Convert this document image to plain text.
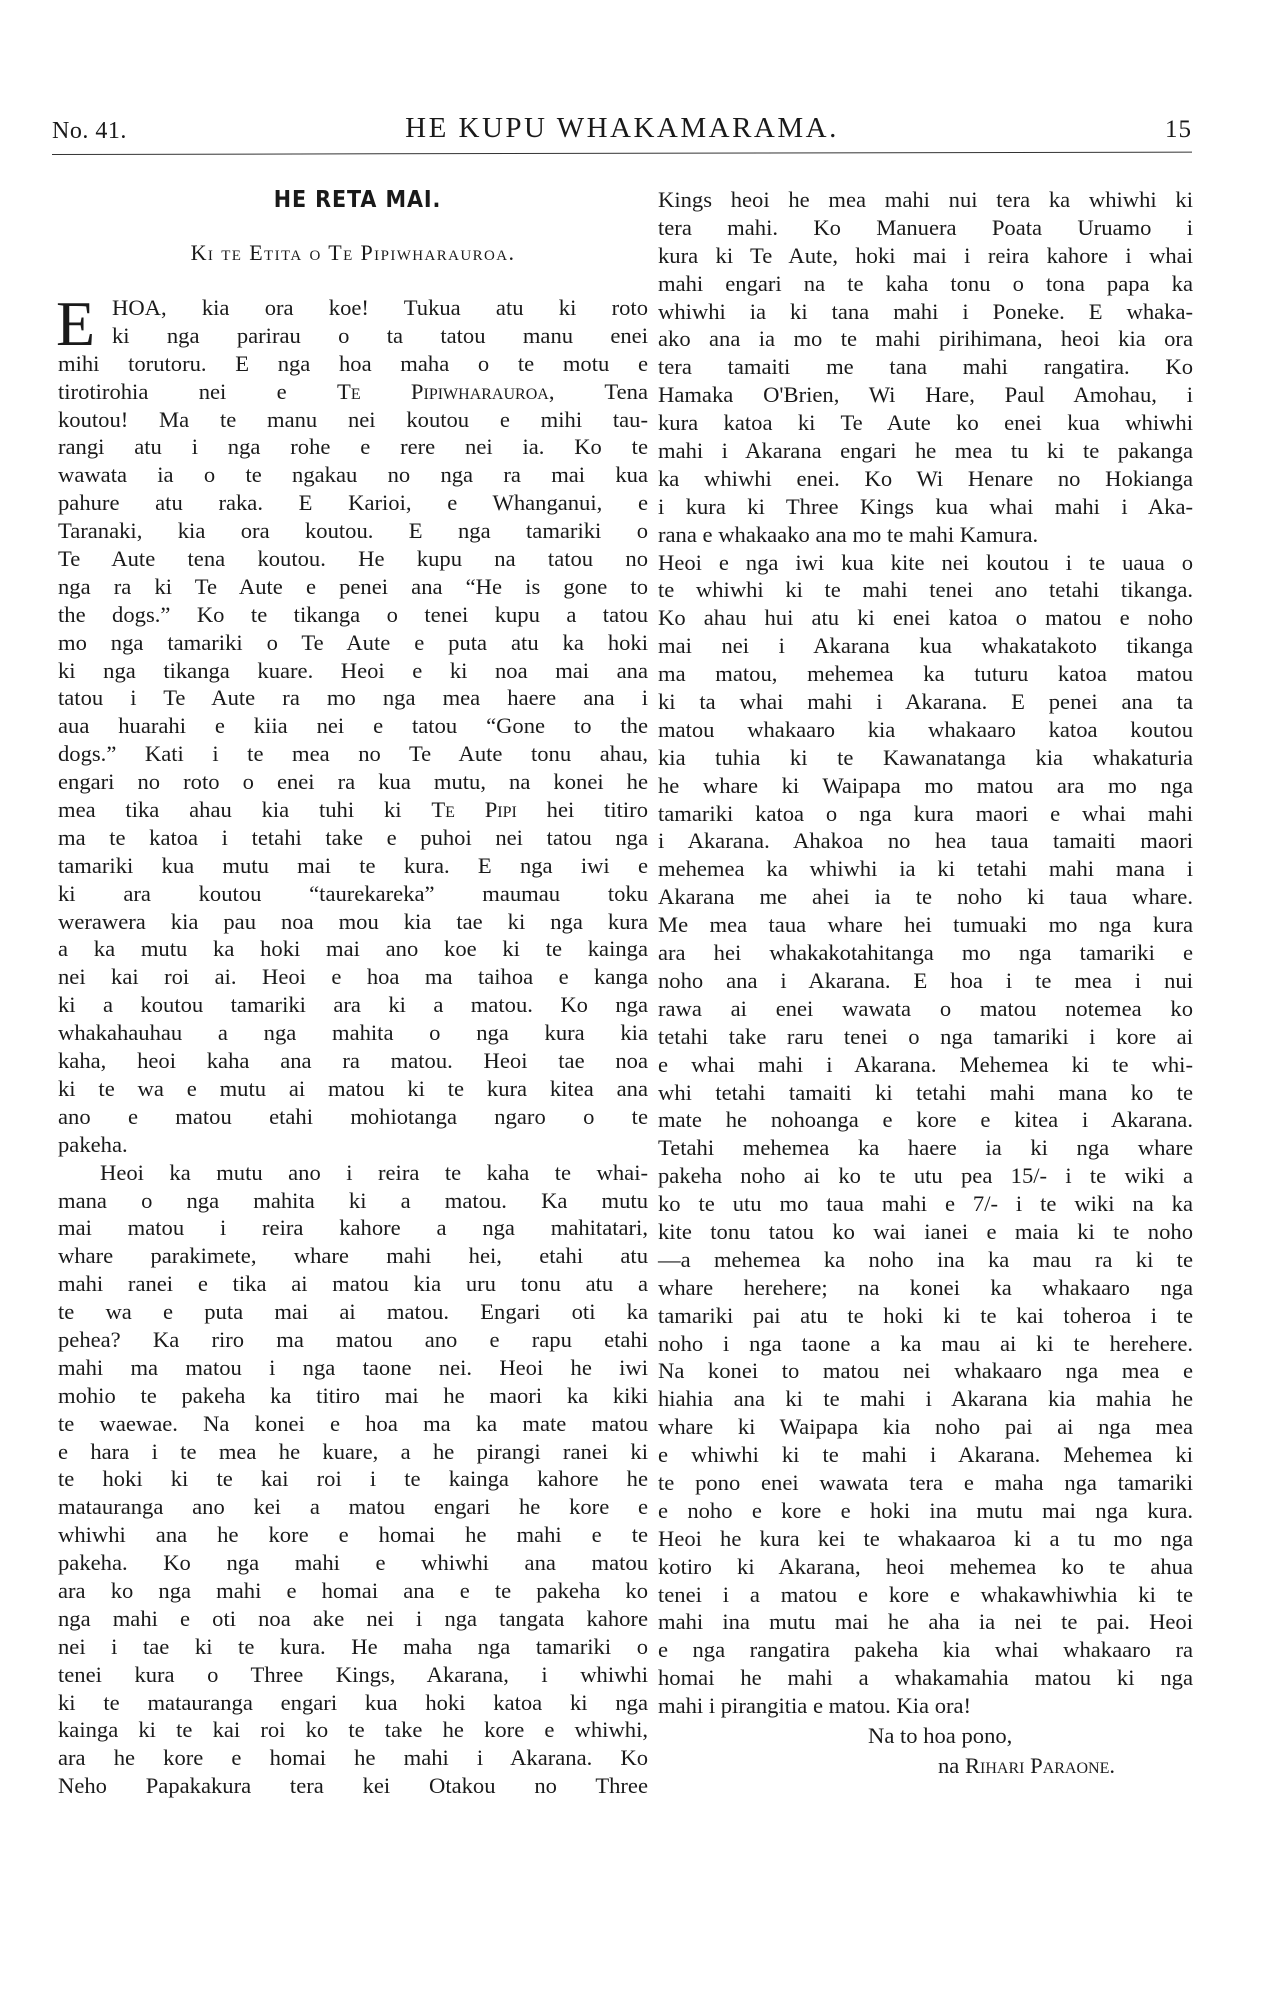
No. 41.	HE KUPU WHAKAMARAMA.	15
HE RETA MAI.
Ki te Etita o Te Pipiwharauroa.
E HOA, kia ora koe! Tukua atu ki roto
ki nga parirau o ta tatou manu enei
mihi torutoru. E nga hoa maha o te motu e
tirotirohia nei e Te Pipiwharauroa, Tena
koutou! Ma te manu nei koutou e mihi tau-
rangi atu i nga rohe e rere nei ia. Ko te
wawata ia o te ngakau no nga ra mai kua
pahure atu raka. E Karioi, e Whanganui, e
Taranaki, kia ora koutou. E nga tamariki o
Te Aute tena koutou. He kupu na tatou no
nga ra ki Te Aute e penei ana “He is gone to
the dogs.” Ko te tikanga o tenei kupu a tatou
mo nga tamariki o Te Aute e puta atu ka hoki
ki nga tikanga kuare. Heoi e ki noa mai ana
tatou i Te Aute ra mo nga mea haere ana i
aua huarahi e kiia nei e tatou “Gone to the
dogs.” Kati i te mea no Te Aute tonu ahau,
engari no roto o enei ra kua mutu, na konei he
mea tika ahau kia tuhi ki Te Pipi hei titiro
ma te katoa i tetahi take e puhoi nei tatou nga
tamariki kua mutu mai te kura. E nga iwi e
ki ara koutou “taurekareka” maumau toku
werawera kia pau noa mou kia tae ki nga kura
a ka mutu ka hoki mai ano koe ki te kainga
nei kai roi ai. Heoi e hoa ma taihoa e kanga
ki a koutou tamariki ara ki a matou. Ko nga
whakahauhau a nga mahita o nga kura kia
kaha, heoi kaha ana ra matou. Heoi tae noa
ki te wa e mutu ai matou ki te kura kitea ana
ano e matou etahi mohiotanga ngaro o te
pakeha.
Heoi ka mutu ano i reira te kaha te whai-
mana o nga mahita ki a matou. Ka mutu
mai matou i reira kahore a nga mahitatari,
whare parakimete, whare mahi hei, etahi atu
mahi ranei e tika ai matou kia uru tonu atu a
te wa e puta mai ai matou. Engari oti ka
pehea? Ka riro ma matou ano e rapu etahi
mahi ma matou i nga taone nei. Heoi he iwi
mohio te pakeha ka titiro mai he maori ka kiki
te waewae. Na konei e hoa ma ka mate matou
e hara i te mea he kuare, a he pirangi ranei ki
te hoki ki te kai roi i te kainga kahore he
matauranga ano kei a matou engari he kore e
whiwhi ana he kore e homai he mahi e te
pakeha. Ko nga mahi e whiwhi ana matou
ara ko nga mahi e homai ana e te pakeha ko
nga mahi e oti noa ake nei i nga tangata kahore
nei i tae ki te kura. He maha nga tamariki o
tenei kura o Three Kings, Akarana, i whiwhi
ki te matauranga engari kua hoki katoa ki nga
kainga ki te kai roi ko te take he kore e whiwhi,
ara he kore e homai he mahi i Akarana. Ko
Neho Papakakura tera kei Otakou no Three
Kings heoi he mea mahi nui tera ka whiwhi ki
tera mahi. Ko Manuera Poata Uruamo i
kura ki Te Aute, hoki mai i reira kahore i whai
mahi engari na te kaha tonu o tona papa ka
whiwhi ia ki tana mahi i Poneke. E whaka-
ako ana ia mo te mahi pirihimana, heoi kia ora
tera tamaiti me tana mahi rangatira. Ko
Hamaka O'Brien, Wi Hare, Paul Amohau, i
kura katoa ki Te Aute ko enei kua whiwhi
mahi i Akarana engari he mea tu ki te pakanga
ka whiwhi enei. Ko Wi Henare no Hokianga
i kura ki Three Kings kua whai mahi i Aka-
rana e whakaako ana mo te mahi Kamura.
Heoi e nga iwi kua kite nei koutou i te uaua o
te whiwhi ki te mahi tenei ano tetahi tikanga.
Ko ahau hui atu ki enei katoa o matou e noho
mai nei i Akarana kua whakatakoto tikanga
ma matou, mehemea ka tuturu katoa matou
ki ta whai mahi i Akarana. E penei ana ta
matou whakaaro kia whakaaro katoa koutou
kia tuhia ki te Kawanatanga kia whakaturia
he whare ki Waipapa mo matou ara mo nga
tamariki katoa o nga kura maori e whai mahi
i Akarana. Ahakoa no hea taua tamaiti maori
mehemea ka whiwhi ia ki tetahi mahi mana i
Akarana me ahei ia te noho ki taua whare.
Me mea taua whare hei tumuaki mo nga kura
ara hei whakakotahitanga mo nga tamariki e
noho ana i Akarana. E hoa i te mea i nui
rawa ai enei wawata o matou notemea ko
tetahi take raru tenei o nga tamariki i kore ai
e whai mahi i Akarana. Mehemea ki te whi-
whi tetahi tamaiti ki tetahi mahi mana ko te
mate he nohoanga e kore e kitea i Akarana.
Tetahi mehemea ka haere ia ki nga whare
pakeha noho ai ko te utu pea 15/- i te wiki a
ko te utu mo taua mahi e 7/- i te wiki na ka
kite tonu tatou ko wai ianei e maia ki te noho
—a mehemea ka noho ina ka mau ra ki te
whare herehere; na konei ka whakaaro nga
tamariki pai atu te hoki ki te kai toheroa i te
noho i nga taone a ka mau ai ki te herehere.
Na konei to matou nei whakaaro nga mea e
hiahia ana ki te mahi i Akarana kia mahia he
whare ki Waipapa kia noho pai ai nga mea
e whiwhi ki te mahi i Akarana. Mehemea ki
te pono enei wawata tera e maha nga tamariki
e noho e kore e hoki ina mutu mai nga kura.
Heoi he kura kei te whakaaroa ki a tu mo nga
kotiro ki Akarana, heoi mehemea ko te ahua
tenei i a matou e kore e whakawhiwhia ki te
mahi ina mutu mai he aha ia nei te pai. Heoi
e nga rangatira pakeha kia whai whakaaro ra
homai he mahi a whakamahia matou ki nga
mahi i pirangitia e matou. Kia ora!
Na to hoa pono,
na Rihari Paraone.
